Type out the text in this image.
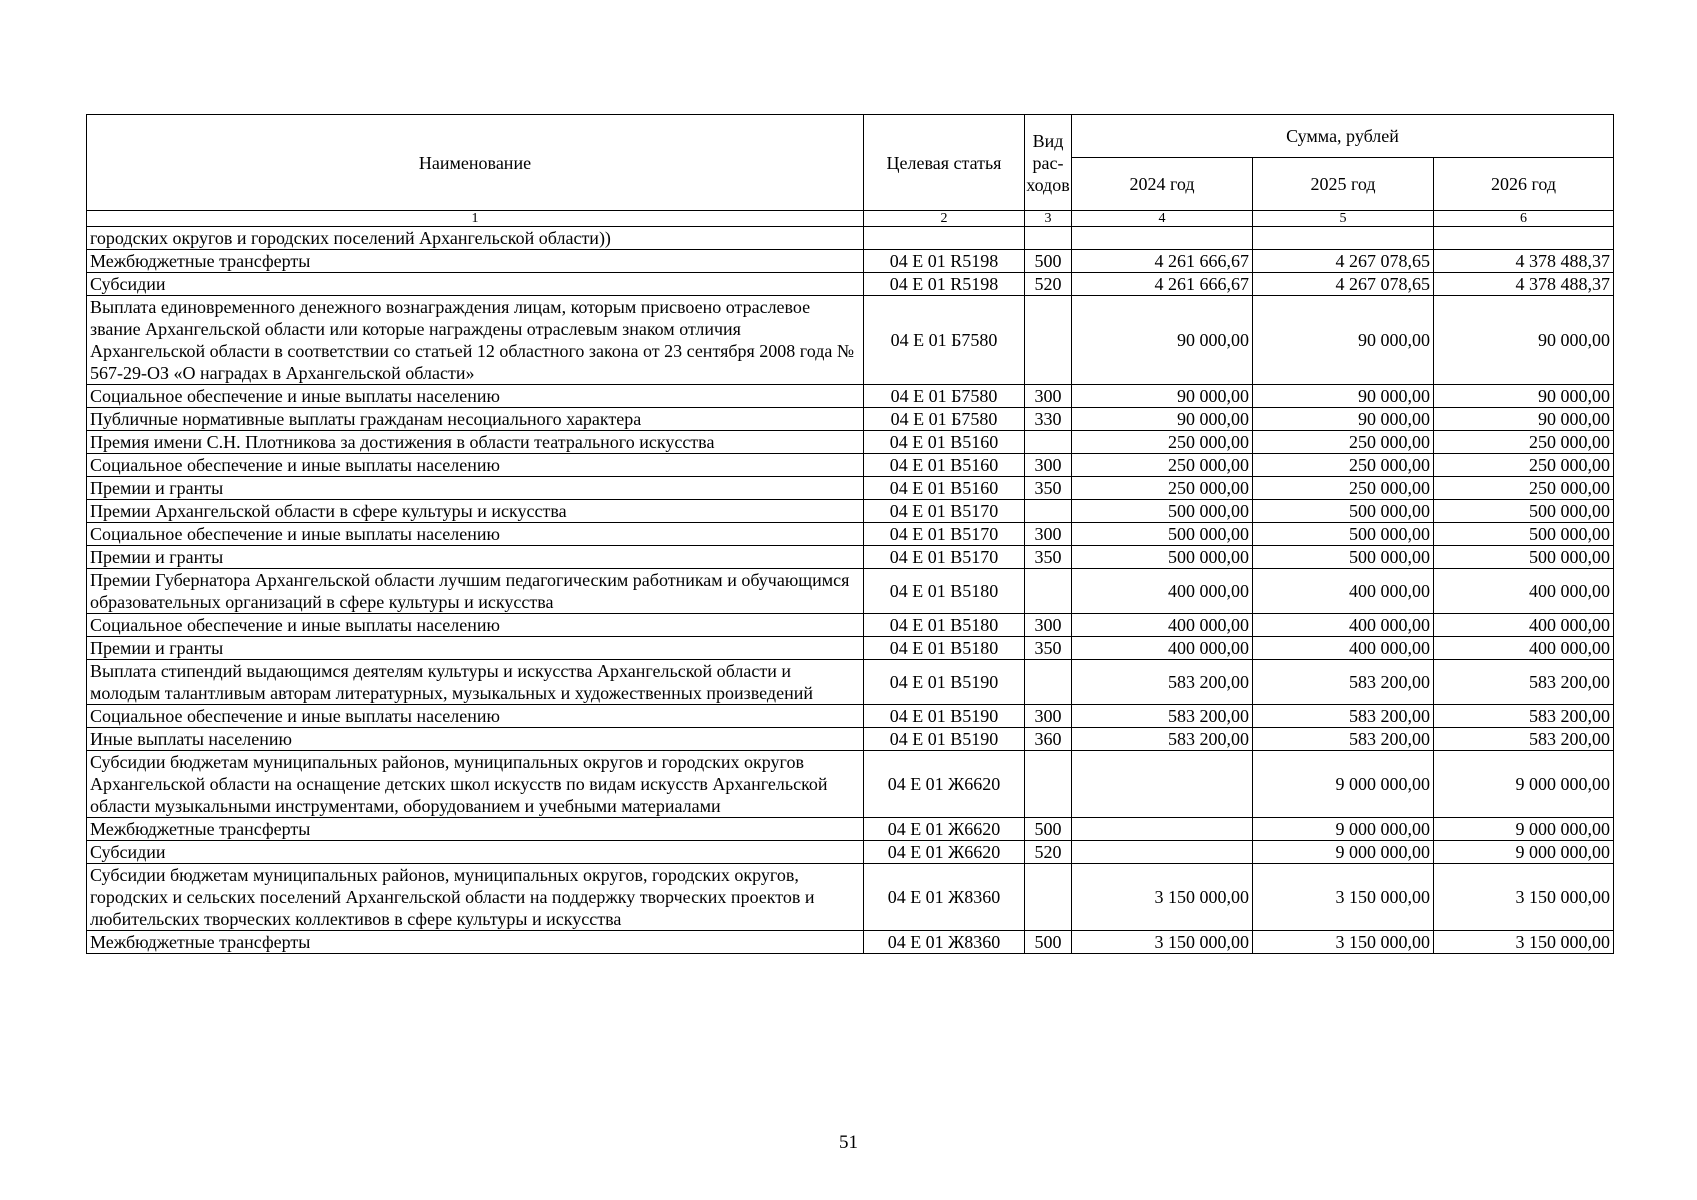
Наименование	Целевая статья	Вид рас-ходов	Сумма, рублей		
			2024 год	2025 год	2026 год
1	2	3	4	5	6
городских округов и городских поселений Архангельской области))					
Межбюджетные трансферты	04 Е 01 R5198	500	4 261 666,67	4 267 078,65	4 378 488,37
Субсидии	04 Е 01 R5198	520	4 261 666,67	4 267 078,65	4 378 488,37
Выплата единовременного денежного вознаграждения лицам, которым присвоено отраслевое звание Архангельской области или которые награждены отраслевым знаком отличия Архангельской области в соответствии со статьей 12 областного закона от 23 сентября 2008 года № 567-29-ОЗ «О наградах в Архангельской области»	04 Е 01 Б7580		90 000,00	90 000,00	90 000,00
Социальное обеспечение и иные выплаты населению	04 Е 01 Б7580	300	90 000,00	90 000,00	90 000,00
Публичные нормативные выплаты гражданам несоциального характера	04 Е 01 Б7580	330	90 000,00	90 000,00	90 000,00
Премия имени С.Н. Плотникова за достижения в области театрального искусства	04 Е 01 В5160		250 000,00	250 000,00	250 000,00
Социальное обеспечение и иные выплаты населению	04 Е 01 В5160	300	250 000,00	250 000,00	250 000,00
Премии и гранты	04 Е 01 В5160	350	250 000,00	250 000,00	250 000,00
Премии Архангельской области в сфере культуры и искусства	04 Е 01 В5170		500 000,00	500 000,00	500 000,00
Социальное обеспечение и иные выплаты населению	04 Е 01 В5170	300	500 000,00	500 000,00	500 000,00
Премии и гранты	04 Е 01 В5170	350	500 000,00	500 000,00	500 000,00
Премии Губернатора Архангельской области лучшим педагогическим работникам и обучающимся образовательных организаций в сфере культуры и искусства	04 Е 01 В5180		400 000,00	400 000,00	400 000,00
Социальное обеспечение и иные выплаты населению	04 Е 01 В5180	300	400 000,00	400 000,00	400 000,00
Премии и гранты	04 Е 01 В5180	350	400 000,00	400 000,00	400 000,00
Выплата стипендий выдающимся деятелям культуры и искусства Архангельской области и молодым талантливым авторам литературных, музыкальных и художественных произведений	04 Е 01 В5190		583 200,00	583 200,00	583 200,00
Социальное обеспечение и иные выплаты населению	04 Е 01 В5190	300	583 200,00	583 200,00	583 200,00
Иные выплаты населению	04 Е 01 В5190	360	583 200,00	583 200,00	583 200,00
Субсидии бюджетам муниципальных районов, муниципальных округов и городских округов Архангельской области на оснащение детских школ искусств по видам искусств Архангельской области музыкальными инструментами, оборудованием и учебными материалами	04 Е 01 Ж6620			9 000 000,00	9 000 000,00
Межбюджетные трансферты	04 Е 01 Ж6620	500		9 000 000,00	9 000 000,00
Субсидии	04 Е 01 Ж6620	520		9 000 000,00	9 000 000,00
Субсидии бюджетам муниципальных районов, муниципальных округов, городских округов, городских и сельских поселений Архангельской области на поддержку творческих проектов и любительских творческих коллективов в сфере культуры и искусства	04 Е 01 Ж8360		3 150 000,00	3 150 000,00	3 150 000,00
Межбюджетные трансферты	04 Е 01 Ж8360	500	3 150 000,00	3 150 000,00	3 150 000,00
51
